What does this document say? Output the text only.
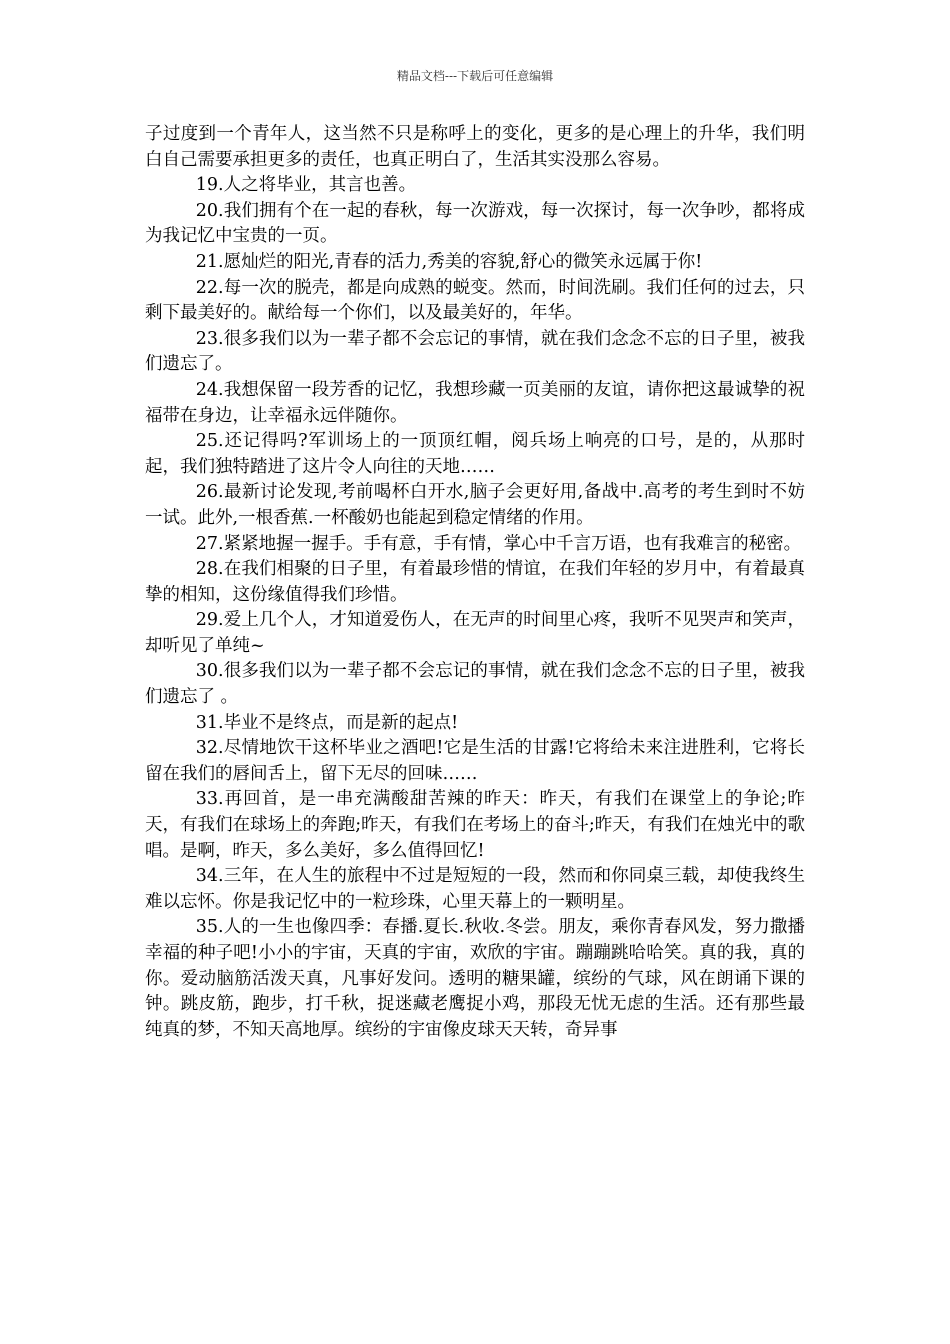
精品文档---下载后可任意编辑

子过度到一个青年人，这当然不只是称呼上的变化，更多的是心理上的升华，我们明白自己需要承担更多的责任，也真正明白了，生活其实没那么容易。

19.人之将毕业，其言也善。

20.我们拥有个在一起的春秋，每一次游戏，每一次探讨，每一次争吵，都将成为我记忆中宝贵的一页。

21.愿灿烂的阳光,青春的活力,秀美的容貌,舒心的微笑永远属于你!

22.每一次的脱壳，都是向成熟的蜕变。然而，时间洗刷。我们任何的过去，只剩下最美好的。献给每一个你们，以及最美好的，年华。

23.很多我们以为一辈子都不会忘记的事情，就在我们念念不忘的日子里，被我们遗忘了。

24.我想保留一段芳香的记忆，我想珍藏一页美丽的友谊，请你把这最诚挚的祝福带在身边，让幸福永远伴随你。

25.还记得吗?军训场上的一顶顶红帽，阅兵场上响亮的口号，是的，从那时起，我们独特踏进了这片令人向往的天地……

26.最新讨论发现,考前喝杯白开水,脑子会更好用,备战中.高考的考生到时不妨一试。此外,一根香蕉.一杯酸奶也能起到稳定情绪的作用。

27.紧紧地握一握手。手有意，手有情，掌心中千言万语，也有我难言的秘密。

28.在我们相聚的日子里，有着最珍惜的情谊，在我们年轻的岁月中，有着最真挚的相知，这份缘值得我们珍惜。

29.爱上几个人，才知道爱伤人，在无声的时间里心疼，我听不见哭声和笑声，却听见了单纯~

30.很多我们以为一辈子都不会忘记的事情，就在我们念念不忘的日子里，被我们遗忘了 。

31.毕业不是终点，而是新的起点!

32.尽情地饮干这杯毕业之酒吧!它是生活的甘露!它将给未来注进胜利，它将长留在我们的唇间舌上，留下无尽的回味……

33.再回首，是一串充满酸甜苦辣的昨天：昨天，有我们在课堂上的争论;昨天，有我们在球场上的奔跑;昨天，有我们在考场上的奋斗;昨天，有我们在烛光中的歌唱。是啊，昨天，多么美好，多么值得回忆!

34.三年，在人生的旅程中不过是短短的一段，然而和你同桌三载，却使我终生难以忘怀。你是我记忆中的一粒珍珠，心里天幕上的一颗明星。

35.人的一生也像四季：春播.夏长.秋收.冬尝。朋友，乘你青春风发，努力撒播幸福的种子吧!小小的宇宙，天真的宇宙，欢欣的宇宙。蹦蹦跳哈哈笑。真的我，真的你。爱动脑筋活泼天真，凡事好发问。透明的糖果罐，缤纷的气球，风在朗诵下课的钟。跳皮筋，跑步，打千秋，捉迷藏老鹰捉小鸡，那段无忧无虑的生活。还有那些最纯真的梦，不知天高地厚。缤纷的宇宙像皮球天天转，奇异事
